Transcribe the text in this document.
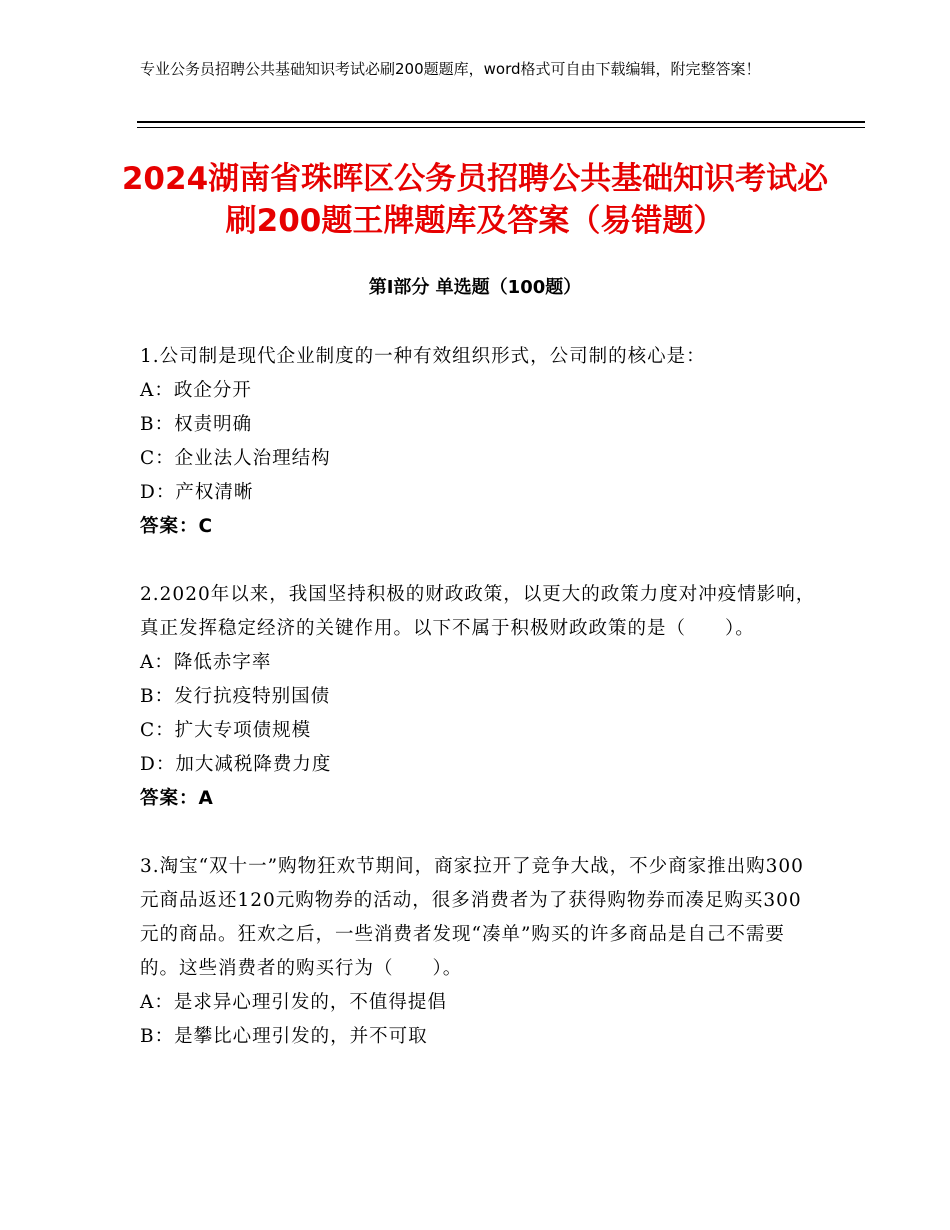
专业公务员招聘公共基础知识考试必刷200题题库，word格式可自由下载编辑，附完整答案！
2024湖南省珠晖区公务员招聘公共基础知识考试必刷200题王牌题库及答案（易错题）
第Ⅰ部分 单选题（100题）
1.公司制是现代企业制度的一种有效组织形式，公司制的核心是：
A：政企分开
B：权责明确
C：企业法人治理结构
D：产权清晰
答案：C
2.2020年以来，我国坚持积极的财政政策，以更大的政策力度对冲疫情影响，真正发挥稳定经济的关键作用。以下不属于积极财政政策的是（　　）。
A：降低赤字率
B：发行抗疫特别国债
C：扩大专项债规模
D：加大减税降费力度
答案：A
3.淘宝“双十一”购物狂欢节期间，商家拉开了竞争大战，不少商家推出购300元商品返还120元购物券的活动，很多消费者为了获得购物券而凑足购买300元的商品。狂欢之后，一些消费者发现“凑单”购买的许多商品是自己不需要的。这些消费者的购买行为（　　）。
A：是求异心理引发的，不值得提倡
B：是攀比心理引发的，并不可取
